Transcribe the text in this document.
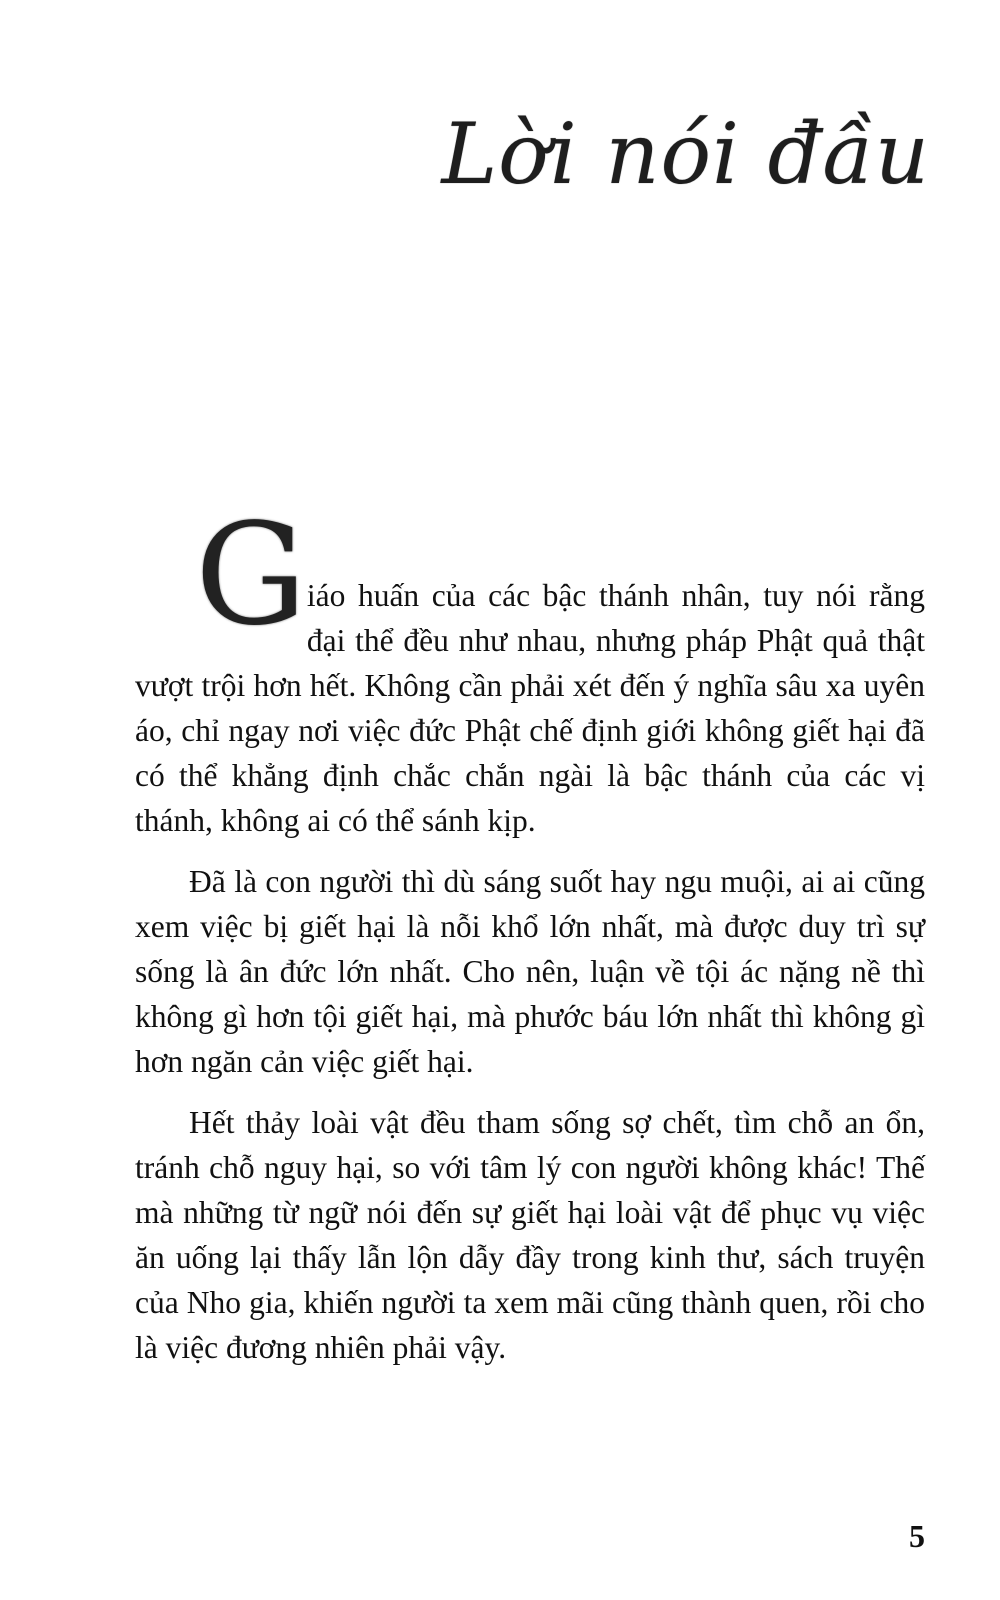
Lời nói đầu

G iáo huấn của các bậc thánh nhân, tuy nói rằng đại thể đều như nhau, nhưng pháp Phật quả thật vượt trội hơn hết. Không cần phải xét đến ý nghĩa sâu xa uyên áo, chỉ ngay nơi việc đức Phật chế định giới không giết hại đã có thể khẳng định chắc chắn ngài là bậc thánh của các vị thánh, không ai có thể sánh kịp.

Đã là con người thì dù sáng suốt hay ngu muội, ai ai cũng xem việc bị giết hại là nỗi khổ lớn nhất, mà được duy trì sự sống là ân đức lớn nhất. Cho nên, luận về tội ác nặng nề thì không gì hơn tội giết hại, mà phước báu lớn nhất thì không gì hơn ngăn cản việc giết hại.

Hết thảy loài vật đều tham sống sợ chết, tìm chỗ an ổn, tránh chỗ nguy hại, so với tâm lý con người không khác! Thế mà những từ ngữ nói đến sự giết hại loài vật để phục vụ việc ăn uống lại thấy lẫn lộn dẫy đầy trong kinh thư, sách truyện của Nho gia, khiến người ta xem mãi cũng thành quen, rồi cho là việc đương nhiên phải vậy.

5
